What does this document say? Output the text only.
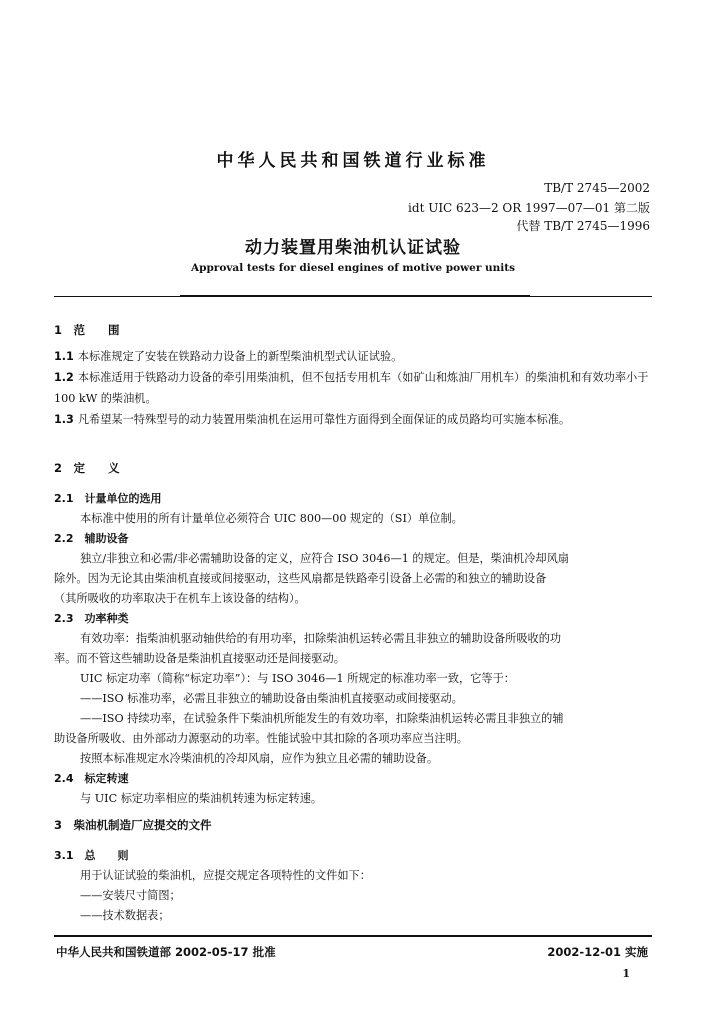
中华人民共和国铁道行业标准
TB/T 2745—2002
idt UIC 623—2 OR 1997—07—01 第二版
代替 TB/T 2745—1996
动力装置用柴油机认证试验
Approval tests for diesel engines of motive power units
1　范　　围
1.1 本标准规定了安装在铁路动力设备上的新型柴油机型式认证试验。
1.2 本标准适用于铁路动力设备的牵引用柴油机，但不包括专用机车（如矿山和炼油厂用机车）的柴油机和有效功率小于 100 kW 的柴油机。
1.3 凡希望某一特殊型号的动力装置用柴油机在运用可靠性方面得到全面保证的成员路均可实施本标准。
2　定　　义
2.1　计量单位的选用
本标准中使用的所有计量单位必须符合 UIC 800—00 规定的（SI）单位制。
2.2　辅助设备
独立/非独立和必需/非必需辅助设备的定义，应符合 ISO 3046—1 的规定。但是，柴油机冷却风扇
除外。因为无论其由柴油机直接或间接驱动，这些风扇都是铁路牵引设备上必需的和独立的辅助设备
（其所吸收的功率取决于在机车上该设备的结构）。
2.3　功率种类
有效功率：指柴油机驱动轴供给的有用功率，扣除柴油机运转必需且非独立的辅助设备所吸收的功
率。而不管这些辅助设备是柴油机直接驱动还是间接驱动。
UIC 标定功率（简称“标定功率”）：与 ISO 3046—1 所规定的标准功率一致，它等于：
——ISO 标准功率，必需且非独立的辅助设备由柴油机直接驱动或间接驱动。
——ISO 持续功率，在试验条件下柴油机所能发生的有效功率，扣除柴油机运转必需且非独立的辅
助设备所吸收、由外部动力源驱动的功率。性能试验中其扣除的各项功率应当注明。
按照本标准规定水冷柴油机的冷却风扇，应作为独立且必需的辅助设备。
2.4　标定转速
与 UIC 标定功率相应的柴油机转速为标定转速。
3　柴油机制造厂应提交的文件
3.1　总　　则
用于认证试验的柴油机，应提交规定各项特性的文件如下：
——安装尺寸简图；
——技术数据表；
中华人民共和国铁道部 2002-05-17 批准	2002-12-01 实施
1
